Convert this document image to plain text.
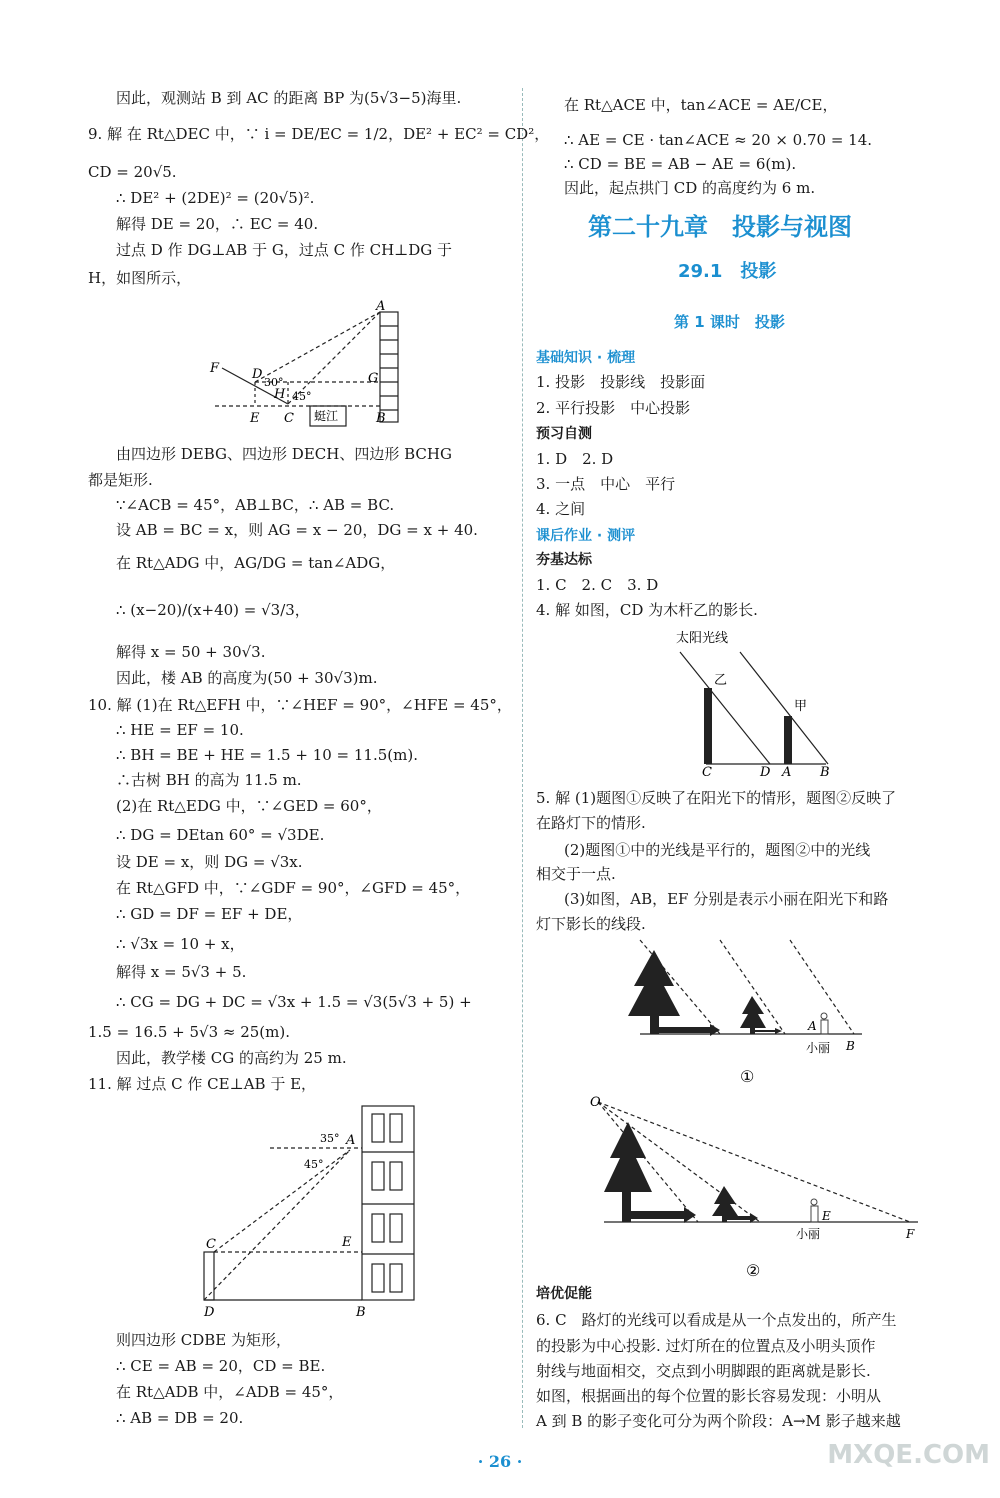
因此，观测站 B 到 AC 的距离 BP 为(5√3−5)海里.
9. 解 在 Rt△DEC 中，∵ i = DE/EC = 1/2，DE² + EC² = CD²，
CD = 20√5.
∴ DE² + (2DE)² = (20√5)².
解得 DE = 20，∴ EC = 40.
过点 D 作 DG⊥AB 于 G，过点 C 作 CH⊥DG 于
H，如图所示，
由四边形 DEBG、四边形 DECH、四边形 BCHG
都是矩形.
∵∠ACB = 45°，AB⊥BC，∴ AB = BC.
设 AB = BC = x，则 AG = x − 20，DG = x + 40.
在 Rt△ADG 中，AG/DG = tan∠ADG，
∴ (x−20)/(x+40) = √3/3，
解得 x = 50 + 30√3.
因此，楼 AB 的高度为(50 + 30√3)m.
10. 解 (1)在 Rt△EFH 中，∵∠HEF = 90°，∠HFE = 45°，
∴ HE = EF = 10.
∴ BH = BE + HE = 1.5 + 10 = 11.5(m).
∴古树 BH 的高为 11.5 m.
(2)在 Rt△EDG 中，∵∠GED = 60°，
∴ DG = DEtan 60° = √3DE.
设 DE = x，则 DG = √3x.
在 Rt△GFD 中，∵∠GDF = 90°，∠GFD = 45°，
∴ GD = DF = EF + DE，
∴ √3x = 10 + x，
解得 x = 5√3 + 5.
∴ CG = DG + DC = √3x + 1.5 = √3(5√3 + 5) +
1.5 = 16.5 + 5√3 ≈ 25(m).
因此，教学楼 CG 的高约为 25 m.
11. 解 过点 C 作 CE⊥AB 于 E，
则四边形 CDBE 为矩形，
∴ CE = AB = 20，CD = BE.
在 Rt△ADB 中，∠ADB = 45°，
∴ AB = DB = 20.
A
F	D	G
H
E C	B
30°
45°
蜓江
A
35°
45°
C	E
D	B
在 Rt△ACE 中，tan∠ACE = AE/CE，
∴ AE = CE · tan∠ACE ≈ 20 × 0.70 = 14.
∴ CD = BE = AB − AE = 6(m).
因此，起点拱门 CD 的高度约为 6 m.
第二十九章　投影与视图
29.1　投影
第 1 课时　投影
基础知识 · 梳理
1. 投影　投影线　投影面
2. 平行投影　中心投影
预习自测
1. D　2. D
3. 一点　中心　平行
4. 之间
课后作业 · 测评
夯基达标
1. C　2. C　3. D
4. 解 如图，CD 为木杆乙的影长.
5. 解 (1)题图①反映了在阳光下的情形，题图②反映了
在路灯下的情形.
(2)题图①中的光线是平行的，题图②中的光线
相交于一点.
(3)如图，AB，EF 分别是表示小丽在阳光下和路
灯下影长的线段.
培优促能
6. C　路灯的光线可以看成是从一个点发出的，所产生
的投影为中心投影. 过灯所在的位置点及小明头顶作
射线与地面相交，交点到小明脚跟的距离就是影长.
如图，根据画出的每个位置的影长容易发现：小明从
A 到 B 的影子变化可分为两个阶段：A→M 影子越来越
太阳光线
乙
甲
C	D A B
A
B
小丽
①
O
E
F
小丽
②
· 26 ·	MXQE.COM
